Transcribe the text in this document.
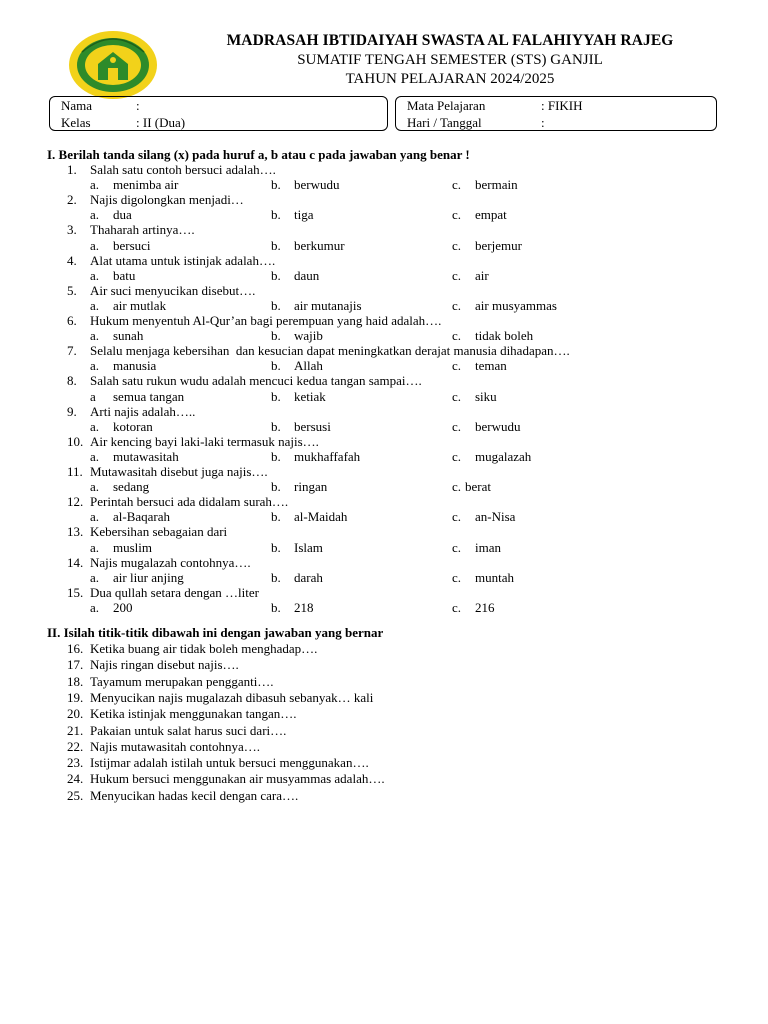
MADRASAH IBTIDAIYAH SWASTA AL FALAHIYYAH RAJEG
SUMATIF TENGAH SEMESTER (STS) GANJIL
TAHUN PELAJARAN 2024/2025
Nama	:
Kelas	: II (Dua)
Mata Pelajaran	: FIKIH
Hari / Tanggal	:
I. Berilah tanda silang (x) pada huruf a, b atau c pada jawaban yang benar !
1. Salah satu contoh bersuci adalah….
a. menimba air	b. berwudu	c. bermain
2. Najis digolongkan menjadi…
a. dua	b. tiga	c. empat
3. Thaharah artinya….
a. bersuci	b. berkumur	c. berjemur
4. Alat utama untuk istinjak adalah….
a. batu	b. daun	c. air
5. Air suci menyucikan disebut….
a. air mutlak	b. air mutanajis	c. air musyammas
6. Hukum menyentuh Al-Qur’an bagi perempuan yang haid adalah….
a. sunah	b. wajib	c. tidak boleh
7. Selalu menjaga kebersihan  dan kesucian dapat meningkatkan derajat manusia dihadapan….
a. manusia	b. Allah	c. teman
8. Salah satu rukun wudu adalah mencuci kedua tangan sampai….
a semua tangan	b. ketiak	c. siku
9. Arti najis adalah…..
a. kotoran	b. bersusi	c. berwudu
10. Air kencing bayi laki-laki termasuk najis….
a. mutawasitah	b. mukhaffafah	c. mugalazah
11. Mutawasitah disebut juga najis….
a. sedang	b. ringan	c. berat
12. Perintah bersuci ada didalam surah….
a. al-Baqarah	b. al-Maidah	c. an-Nisa
13. Kebersihan sebagaian dari
a. muslim	b. Islam	c. iman
14. Najis mugalazah contohnya….
a. air liur anjing	b. darah	c. muntah
15. Dua qullah setara dengan …liter
a. 200	b. 218	c. 216
II. Isilah titik-titik dibawah ini dengan jawaban yang bernar
16. Ketika buang air tidak boleh menghadap….
17. Najis ringan disebut najis….
18. Tayamum merupakan pengganti….
19. Menyucikan najis mugalazah dibasuh sebanyak… kali
20. Ketika istinjak menggunakan tangan….
21. Pakaian untuk salat harus suci dari….
22. Najis mutawasitah contohnya….
23. Istijmar adalah istilah untuk bersuci menggunakan….
24. Hukum bersuci menggunakan air musyammas adalah….
25. Menyucikan hadas kecil dengan cara….
